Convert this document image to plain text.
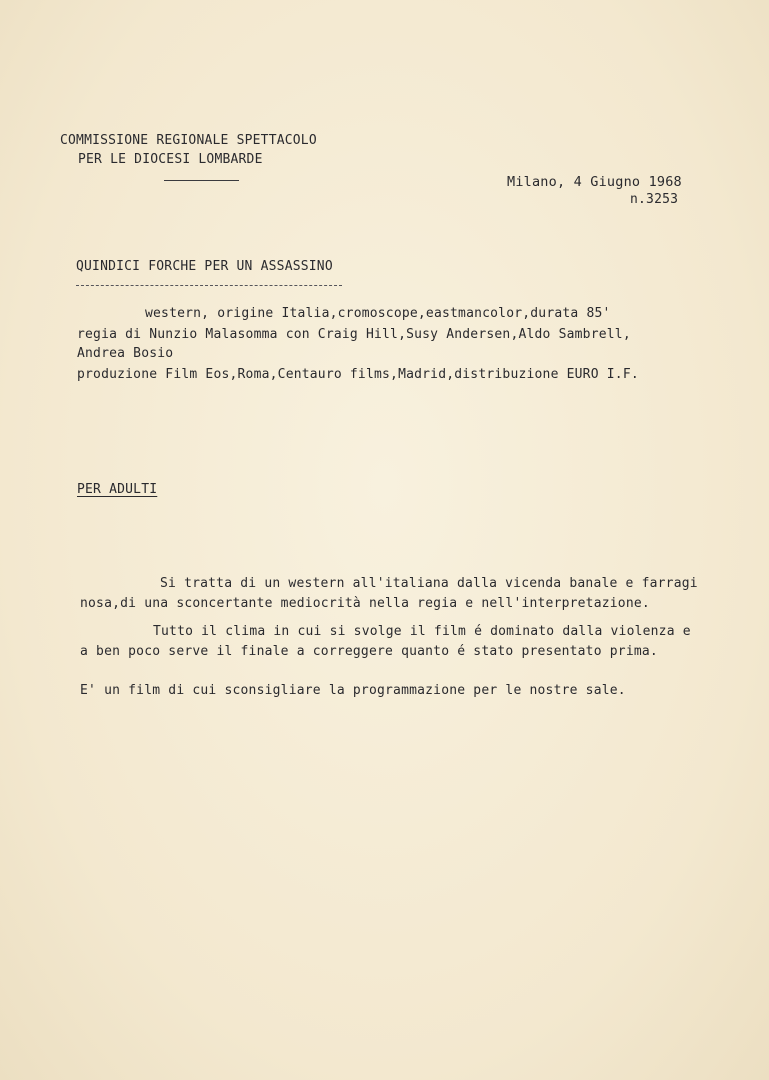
COMMISSIONE REGIONALE SPETTACOLO
PER LE DIOCESI LOMBARDE
Milano, 4 Giugno 1968
n.3253
QUINDICI FORCHE PER UN ASSASSINO
western, origine Italia,cromoscope,eastmancolor,durata 85'
regia di Nunzio Malasomma con Craig Hill,Susy Andersen,Aldo Sambrell,
Andrea Bosio
produzione Film Eos,Roma,Centauro films,Madrid,distribuzione EURO I.F.
PER ADULTI
Si tratta di un western all'italiana dalla vicenda banale e farragi
nosa,di una sconcertante mediocrità nella regia e nell'interpretazione.
Tutto il clima in cui si svolge il film é dominato dalla violenza e
a ben poco serve il finale a correggere quanto é stato presentato prima.
E' un film di cui sconsigliare la programmazione per le nostre sale.
